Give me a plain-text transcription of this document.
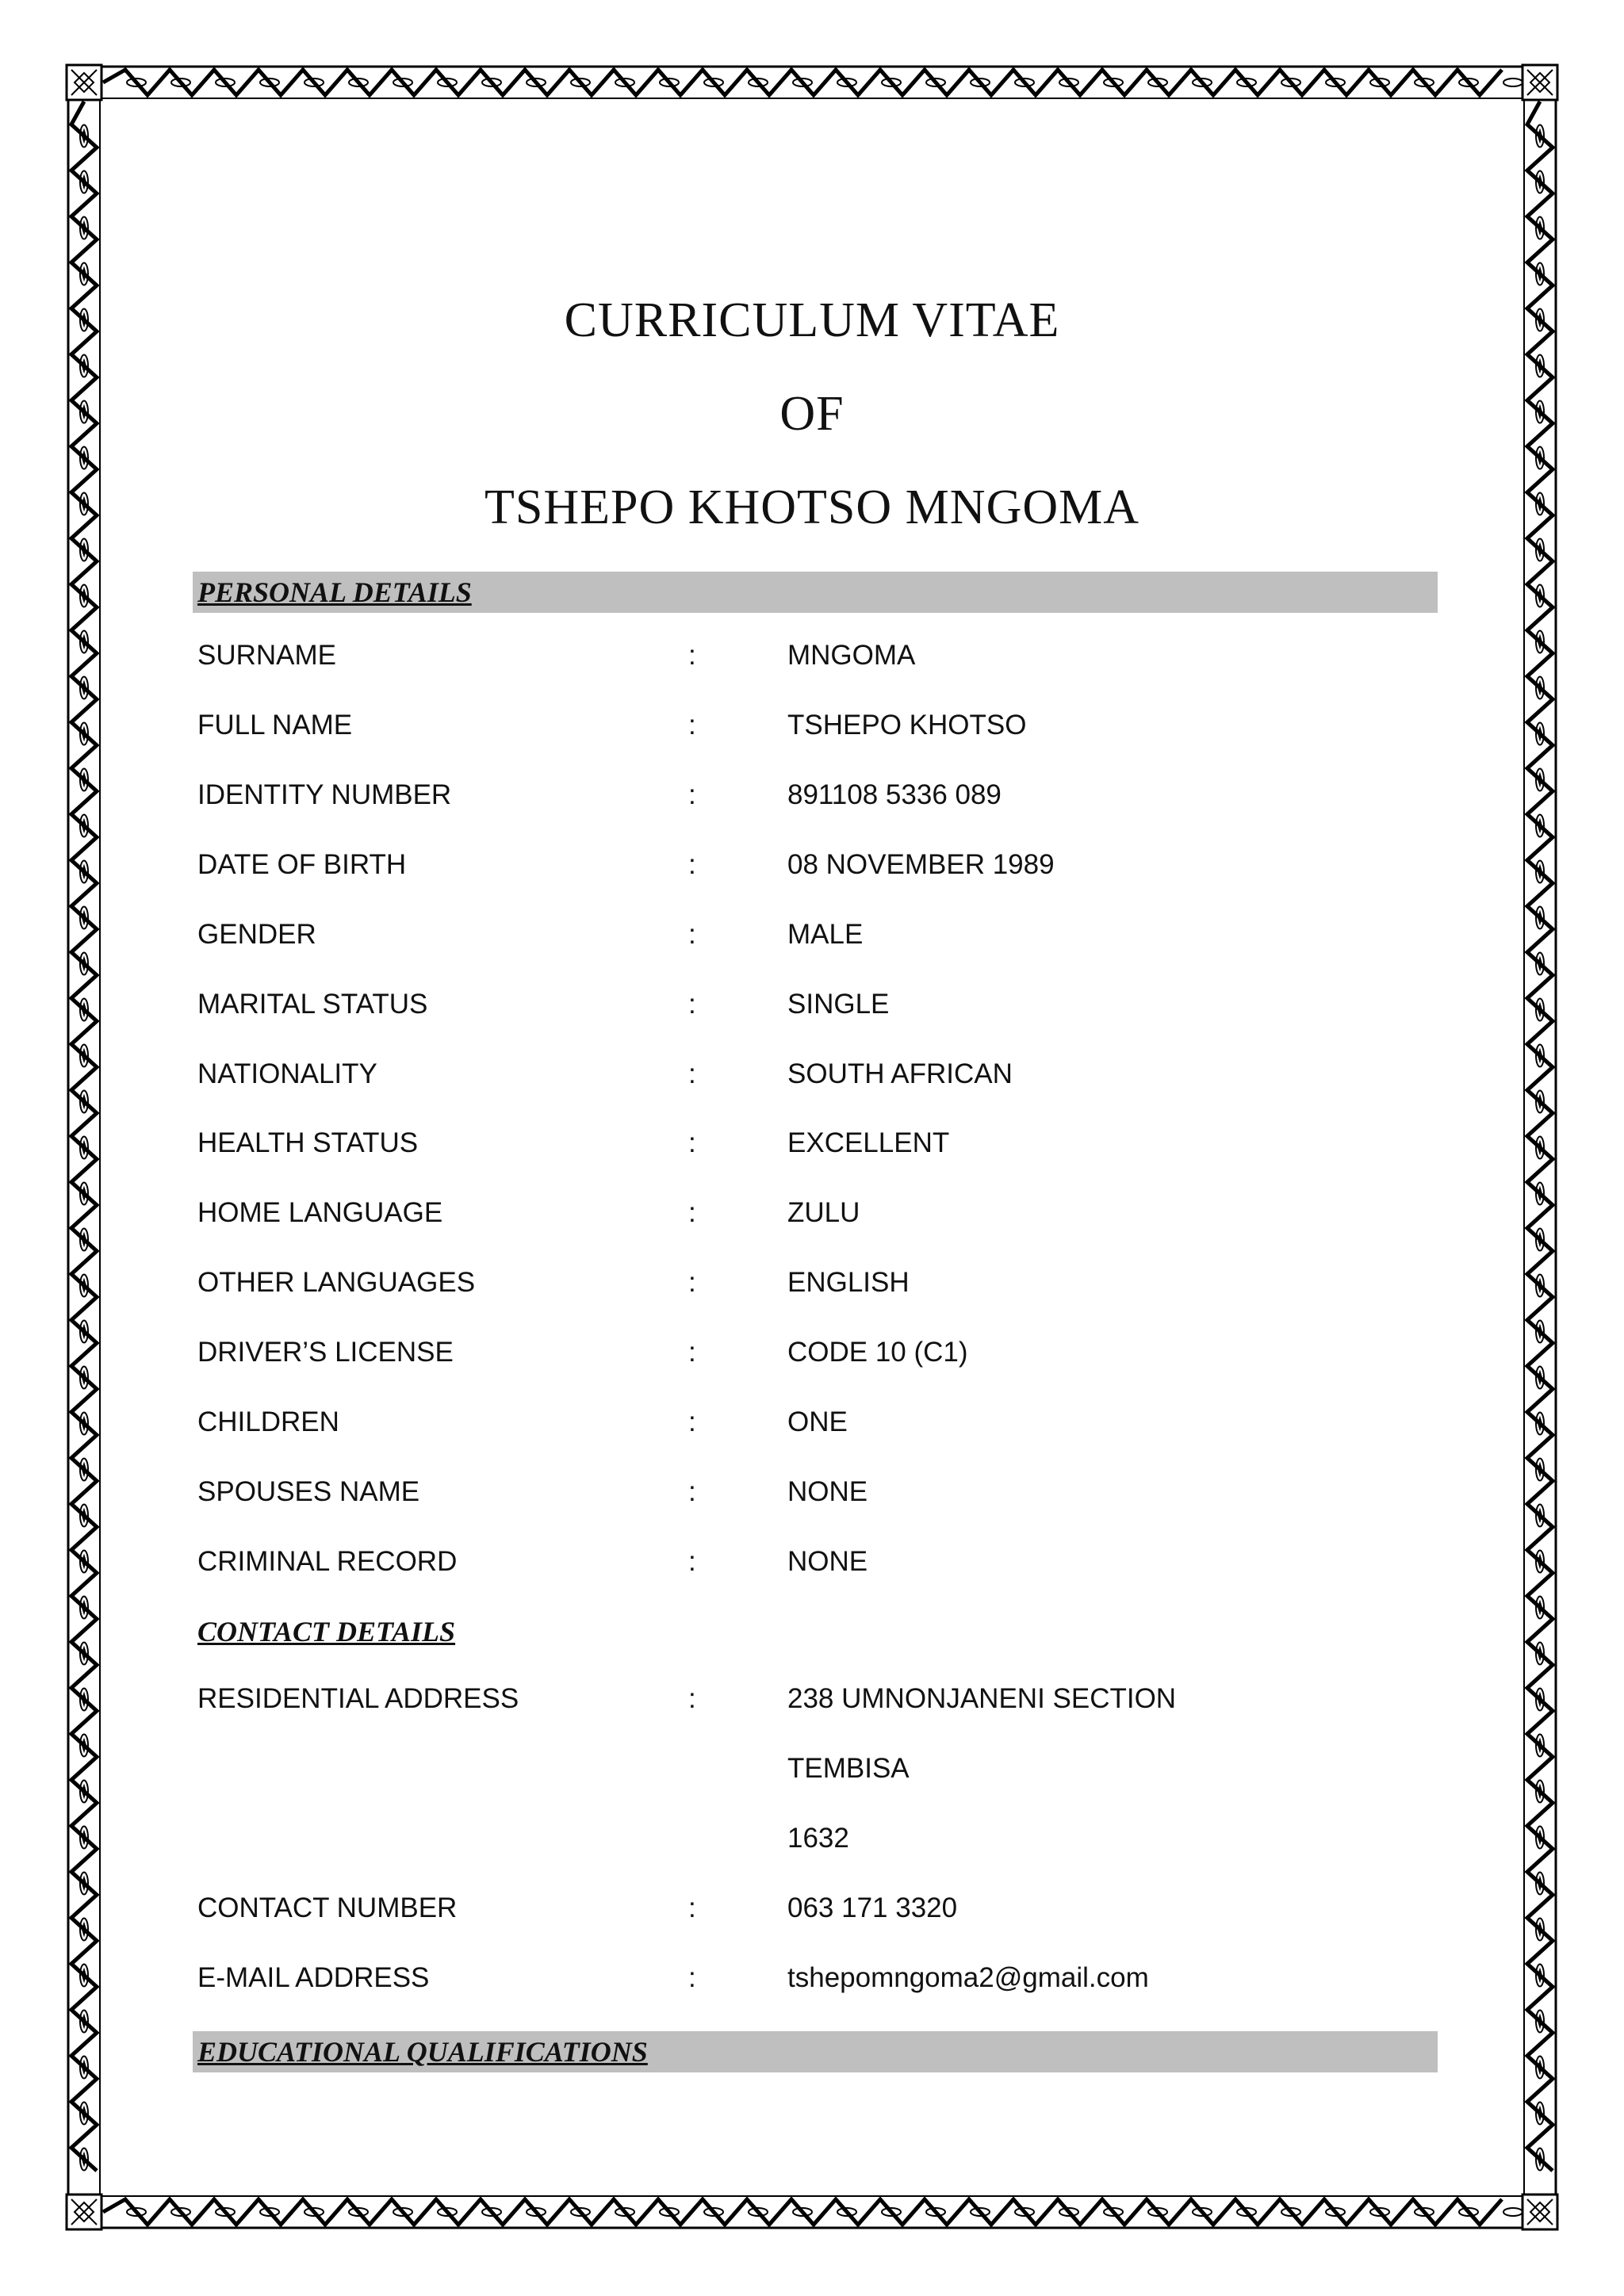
CURRICULUM VITAE
OF
TSHEPO KHOTSO MNGOMA
PERSONAL DETAILS
SURNAME	:	MNGOMA
FULL NAME	:	TSHEPO KHOTSO
IDENTITY NUMBER	:	891108 5336 089
DATE OF BIRTH	:	08 NOVEMBER 1989
GENDER	:	MALE
MARITAL STATUS	:	SINGLE
NATIONALITY	:	SOUTH AFRICAN
HEALTH STATUS	:	EXCELLENT
HOME LANGUAGE	:	ZULU
OTHER LANGUAGES	:	ENGLISH
DRIVER’S LICENSE	:	CODE 10 (C1)
CHILDREN	:	ONE
SPOUSES NAME	:	NONE
CRIMINAL RECORD	:	NONE
CONTACT DETAILS
RESIDENTIAL ADDRESS	:	238 UMNONJANENI SECTION
TEMBISA
1632
CONTACT NUMBER	:	063 171 3320
E-MAIL ADDRESS	:	tshepomngoma2@gmail.com
EDUCATIONAL QUALIFICATIONS
